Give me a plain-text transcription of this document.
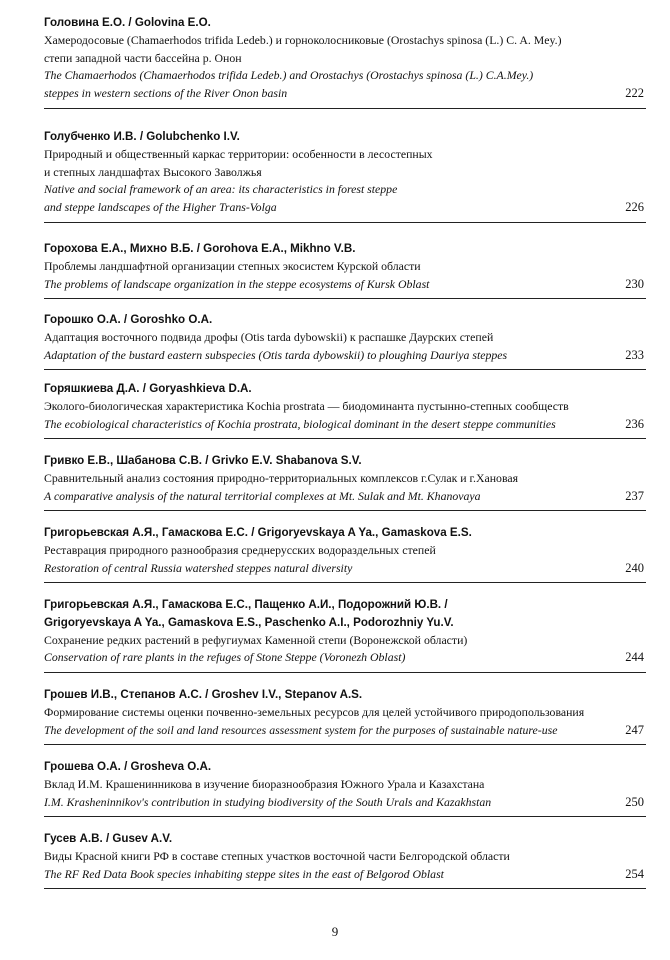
Головина Е.О. / Golovina E.O.
Хамеродосовые (Chamaerhodos trifida Ledeb.) и горноколосниковые (Orostachys spinosa (L.) C. A. Mey.)
степи западной части бассейна р. Онон
The Chamaerhodos (Chamaerhodos trifida Ledeb.) and Orostachys (Orostachys spinosa (L.) C.A.Mey.)
steppes in western sections of the River Onon basin	222
Голубченко И.В. / Golubchenko I.V.
Природный и общественный каркас территории: особенности в лесостепных
и степных ландшафтах Высокого Заволжья
Native and social framework of an area: its characteristics in forest steppe
and steppe landscapes of the Higher Trans-Volga	226
Горохова Е.А., Михно В.Б. / Gorohova E.A., Mikhno V.B.
Проблемы ландшафтной организации степных экосистем Курской области
The problems of landscape organization in the steppe ecosystems of Kursk Oblast	230
Горошко О.А. / Goroshko O.A.
Адаптация восточного подвида дрофы (Otis tarda dybowskii) к распашке Даурских степей
Adaptation of the bustard eastern subspecies (Otis tarda dybowskii) to ploughing Dauriya steppes	233
Горяшкиева Д.А. / Goryashkieva D.A.
Эколого-биологическая характеристика Kochia prostrata — биодоминанта пустынно-степных сообществ
The ecobiological characteristics of Kochia prostrata, biological dominant in the desert steppe communities	236
Гривко Е.В., Шабанова С.В. / Grivko E.V. Shabanova S.V.
Сравнительный анализ состояния природно-территориальных комплексов г.Сулак и г.Хановая
A comparative analysis of the natural territorial complexes at Mt. Sulak and Mt. Khanovaya	237
Григорьевская А.Я., Гамаскова Е.С. / Grigoryevskaya A Ya., Gamaskova E.S.
Реставрация природного разнообразия среднерусских водораздельных степей
Restoration of central Russia watershed steppes natural diversity	240
Григорьевская А.Я., Гамаскова Е.С., Пащенко А.И., Подорожний Ю.В. /
Grigoryevskaya A Ya., Gamaskova E.S., Paschenko A.I., Podorozhniy Yu.V.
Сохранение редких растений в рефугиумах Каменной степи (Воронежской области)
Conservation of rare plants in the refuges of Stone Steppe (Voronezh Oblast)	244
Грошев И.В., Степанов А.С. / Groshev I.V., Stepanov A.S.
Формирование системы оценки почвенно-земельных ресурсов для целей устойчивого природопользования
The development of the soil and land resources assessment system for the purposes of sustainable nature-use	247
Грошева О.А. / Grosheva O.A.
Вклад И.М. Крашенинникова в изучение биоразнообразия Южного Урала и Казахстана
I.M. Krasheninnikov's contribution in studying biodiversity of the South Urals and Kazakhstan	250
Гусев А.В. / Gusev A.V.
Виды Красной книги РФ в составе степных участков восточной части Белгородской области
The RF Red Data Book species inhabiting steppe sites in the east of Belgorod Oblast	254
9
